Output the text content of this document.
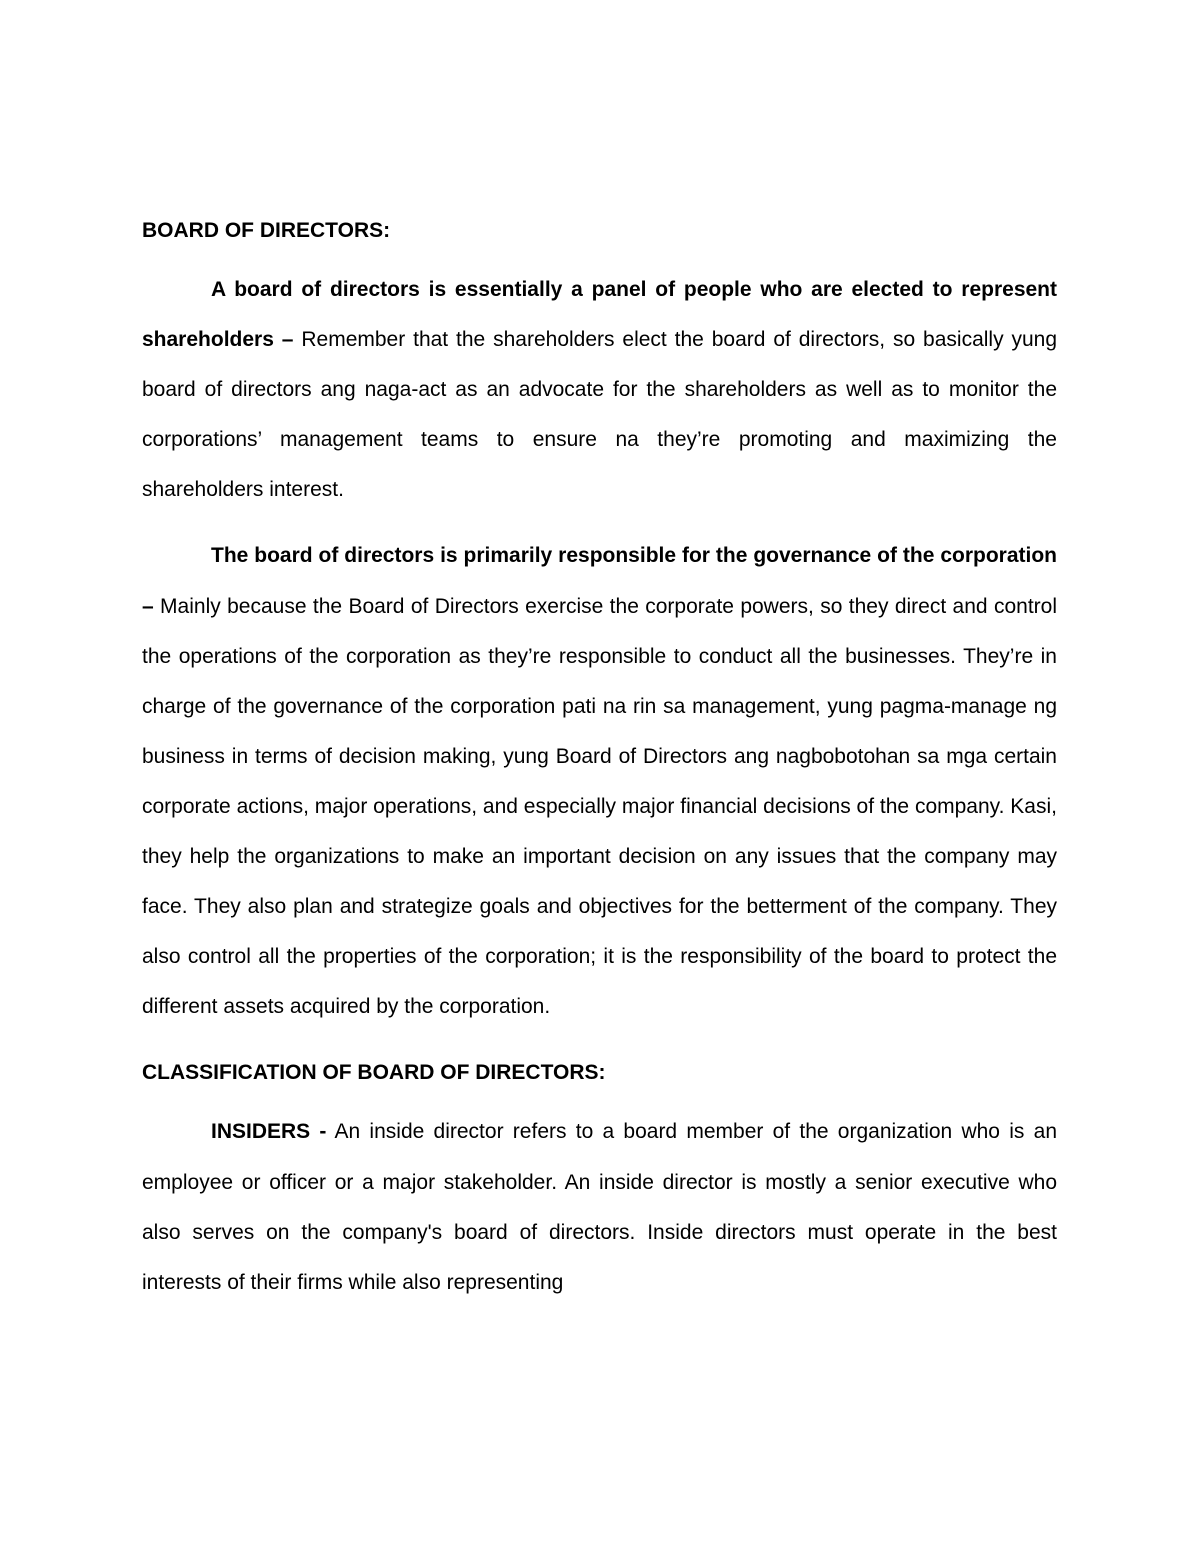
BOARD OF DIRECTORS:

A board of directors is essentially a panel of people who are elected to represent shareholders – Remember that the shareholders elect the board of directors, so basically yung board of directors ang naga-act as an advocate for the shareholders as well as to monitor the corporations’ management teams to ensure na they’re promoting and maximizing the shareholders interest.

The board of directors is primarily responsible for the governance of the corporation – Mainly because the Board of Directors exercise the corporate powers, so they direct and control the operations of the corporation as they’re responsible to conduct all the businesses. They’re in charge of the governance of the corporation pati na rin sa management, yung pagma-manage ng business in terms of decision making, yung Board of Directors ang nagbobotohan sa mga certain corporate actions, major operations, and especially major financial decisions of the company. Kasi, they help the organizations to make an important decision on any issues that the company may face. They also plan and strategize goals and objectives for the betterment of the company. They also control all the properties of the corporation; it is the responsibility of the board to protect the different assets acquired by the corporation.

CLASSIFICATION OF BOARD OF DIRECTORS:

INSIDERS - An inside director refers to a board member of the organization who is an employee or officer or a major stakeholder. An inside director is mostly a senior executive who also serves on the company's board of directors. Inside directors must operate in the best interests of their firms while also representing
